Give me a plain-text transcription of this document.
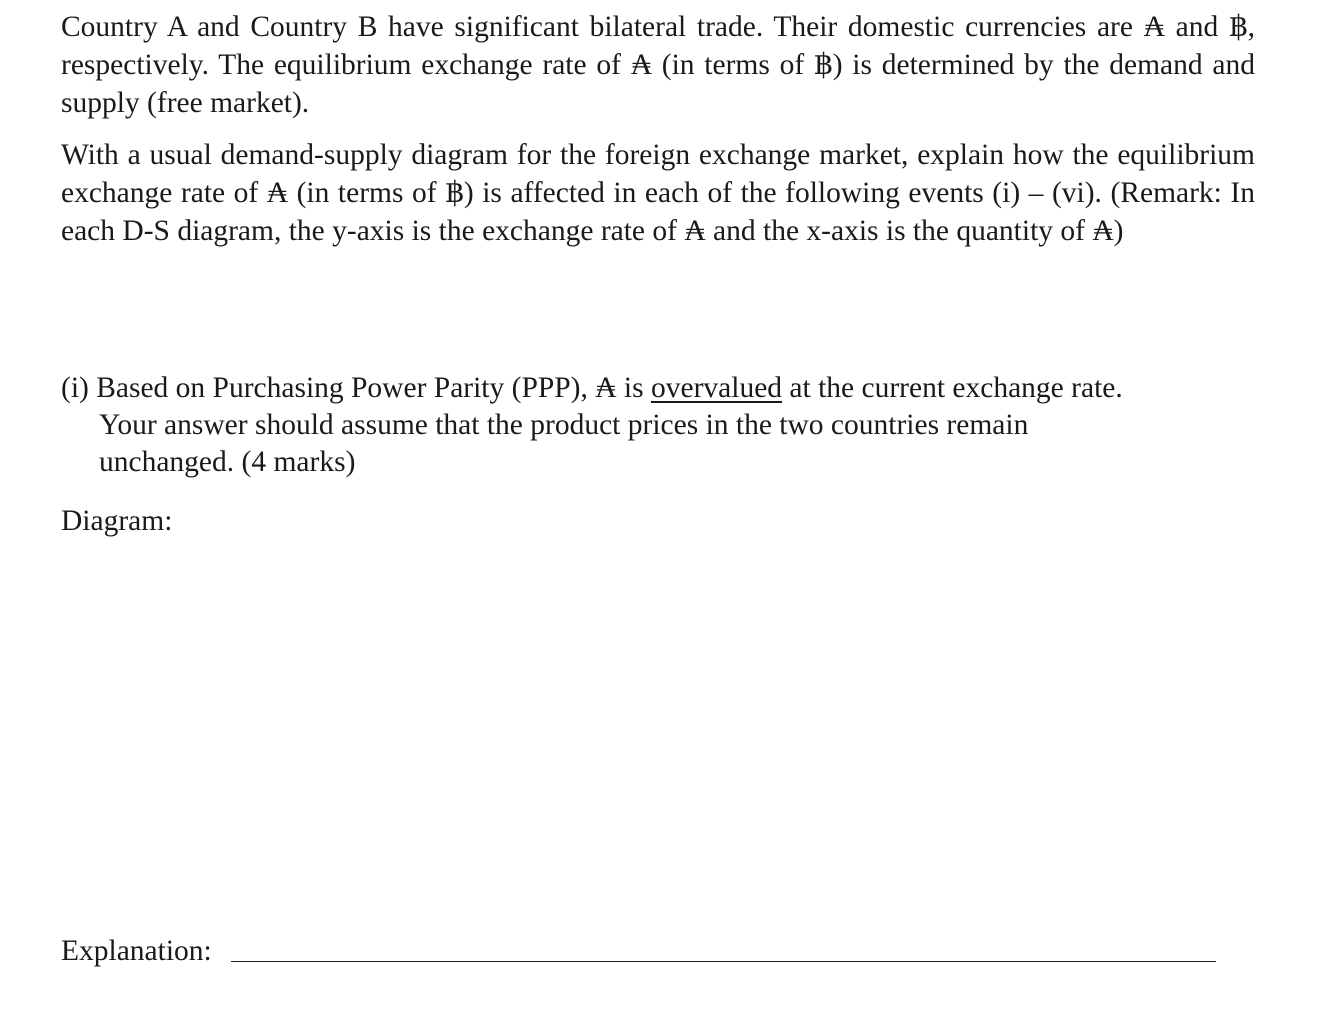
Country A and Country B have significant bilateral trade. Their domestic currencies are ₳ and ฿, respectively. The equilibrium exchange rate of ₳ (in terms of ฿) is determined by the demand and supply (free market).

With a usual demand-supply diagram for the foreign exchange market, explain how the equilibrium exchange rate of ₳ (in terms of ฿) is affected in each of the following events (i) – (vi). (Remark: In each D-S diagram, the y-axis is the exchange rate of ₳ and the x-axis is the quantity of ₳)

(i) Based on Purchasing Power Parity (PPP), ₳ is overvalued at the current exchange rate.
Your answer should assume that the product prices in the two countries remain
unchanged. (4 marks)
Diagram:
Explanation:
